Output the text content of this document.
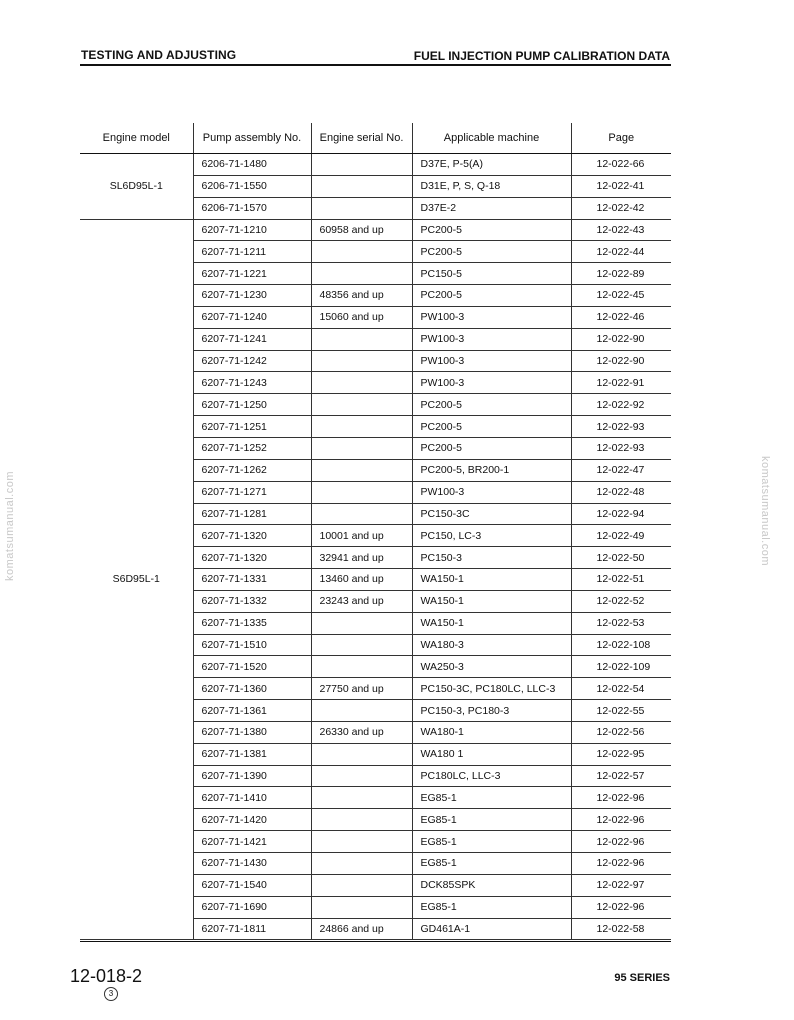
TESTING AND ADJUSTING	FUEL INJECTION PUMP CALIBRATION DATA
Engine model	Pump assembly No.	Engine serial No.	Applicable machine	Page
SL6D95L-1	6206-71-1480		D37E, P-5(A)	12-022-66
	6206-71-1550		D31E, P, S, Q-18	12-022-41
	6206-71-1570		D37E-2	12-022-42
S6D95L-1	6207-71-1210	60958 and up	PC200-5	12-022-43
	6207-71-1211		PC200-5	12-022-44
	6207-71-1221		PC150-5	12-022-89
	6207-71-1230	48356 and up	PC200-5	12-022-45
	6207-71-1240	15060 and up	PW100-3	12-022-46
	6207-71-1241		PW100-3	12-022-90
	6207-71-1242		PW100-3	12-022-90
	6207-71-1243		PW100-3	12-022-91
	6207-71-1250		PC200-5	12-022-92
	6207-71-1251		PC200-5	12-022-93
	6207-71-1252		PC200-5	12-022-93
	6207-71-1262		PC200-5, BR200-1	12-022-47
	6207-71-1271		PW100-3	12-022-48
	6207-71-1281		PC150-3C	12-022-94
	6207-71-1320	10001 and up	PC150, LC-3	12-022-49
	6207-71-1320	32941 and up	PC150-3	12-022-50
	6207-71-1331	13460 and up	WA150-1	12-022-51
	6207-71-1332	23243 and up	WA150-1	12-022-52
	6207-71-1335		WA150-1	12-022-53
	6207-71-1510		WA180-3	12-022-108
	6207-71-1520		WA250-3	12-022-109
	6207-71-1360	27750 and up	PC150-3C, PC180LC, LLC-3	12-022-54
	6207-71-1361		PC150-3, PC180-3	12-022-55
	6207-71-1380	26330 and up	WA180-1	12-022-56
	6207-71-1381		WA180 1	12-022-95
	6207-71-1390		PC180LC, LLC-3	12-022-57
	6207-71-1410		EG85-1	12-022-96
	6207-71-1420		EG85-1	12-022-96
	6207-71-1421		EG85-1	12-022-96
	6207-71-1430		EG85-1	12-022-96
	6207-71-1540		DCK85SPK	12-022-97
	6207-71-1690		EG85-1	12-022-96
	6207-71-1811	24866 and up	GD461A-1	12-022-58
12-018-2
3
95 SERIES
komatsumanual.com	komatsumanual.com
